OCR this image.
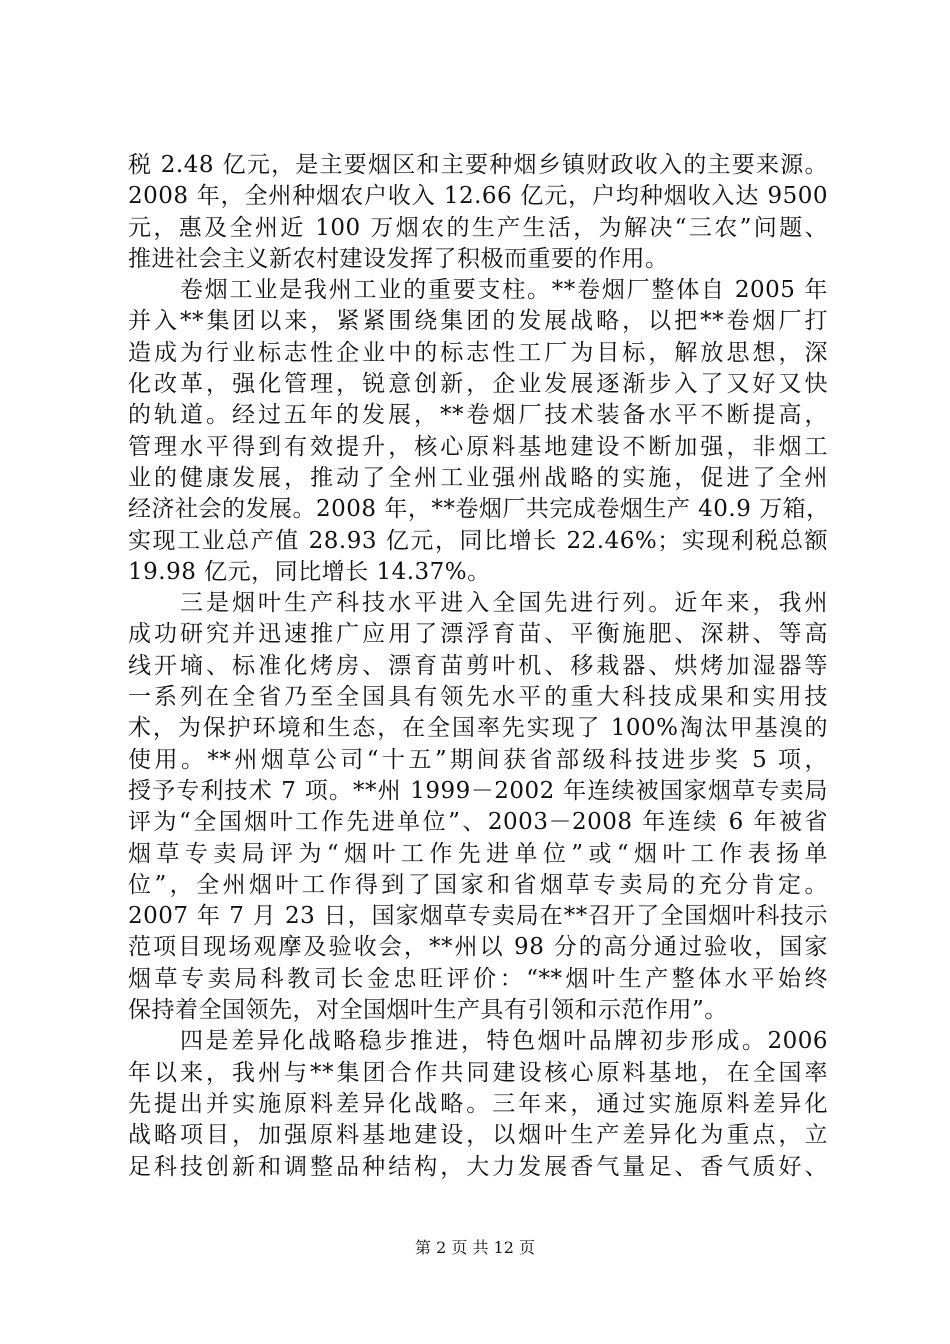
税 2.48 亿元，是主要烟区和主要种烟乡镇财政收入的主要来源。
2008 年，全州种烟农户收入 12.66 亿元，户均种烟收入达 9500
元，惠及全州近 100 万烟农的生产生活，为解决“三农”问题、
推进社会主义新农村建设发挥了积极而重要的作用。
卷烟工业是我州工业的重要支柱。**卷烟厂整体自 2005 年
并入**集团以来，紧紧围绕集团的发展战略，以把**卷烟厂打
造成为行业标志性企业中的标志性工厂为目标，解放思想，深
化改革，强化管理，锐意创新，企业发展逐渐步入了又好又快
的轨道。经过五年的发展，**卷烟厂技术装备水平不断提高，
管理水平得到有效提升，核心原料基地建设不断加强，非烟工
业的健康发展，推动了全州工业强州战略的实施，促进了全州
经济社会的发展。2008 年，**卷烟厂共完成卷烟生产 40.9 万箱，
实现工业总产值 28.93 亿元，同比增长 22.46%；实现利税总额
19.98 亿元，同比增长 14.37%。
三是烟叶生产科技水平进入全国先进行列。近年来，我州
成功研究并迅速推广应用了漂浮育苗、平衡施肥、深耕、等高
线开墒、标准化烤房、漂育苗剪叶机、移栽器、烘烤加湿器等
一系列在全省乃至全国具有领先水平的重大科技成果和实用技
术，为保护环境和生态，在全国率先实现了 100%淘汰甲基溴的
使用。**州烟草公司“十五”期间获省部级科技进步奖 5 项，
授予专利技术 7 项。**州 1999－2002 年连续被国家烟草专卖局
评为“全国烟叶工作先进单位”、2003－2008 年连续 6 年被省
烟草专卖局评为“烟叶工作先进单位”或“烟叶工作表扬单
位”，全州烟叶工作得到了国家和省烟草专卖局的充分肯定。
2007 年 7 月 23 日，国家烟草专卖局在**召开了全国烟叶科技示
范项目现场观摩及验收会，**州以 98 分的高分通过验收，国家
烟草专卖局科教司长金忠旺评价：“**烟叶生产整体水平始终
保持着全国领先，对全国烟叶生产具有引领和示范作用”。
四是差异化战略稳步推进，特色烟叶品牌初步形成。2006
年以来，我州与**集团合作共同建设核心原料基地，在全国率
先提出并实施原料差异化战略。三年来，通过实施原料差异化
战略项目，加强原料基地建设，以烟叶生产差异化为重点，立
足科技创新和调整品种结构，大力发展香气量足、香气质好、
第 2 页 共 12 页
